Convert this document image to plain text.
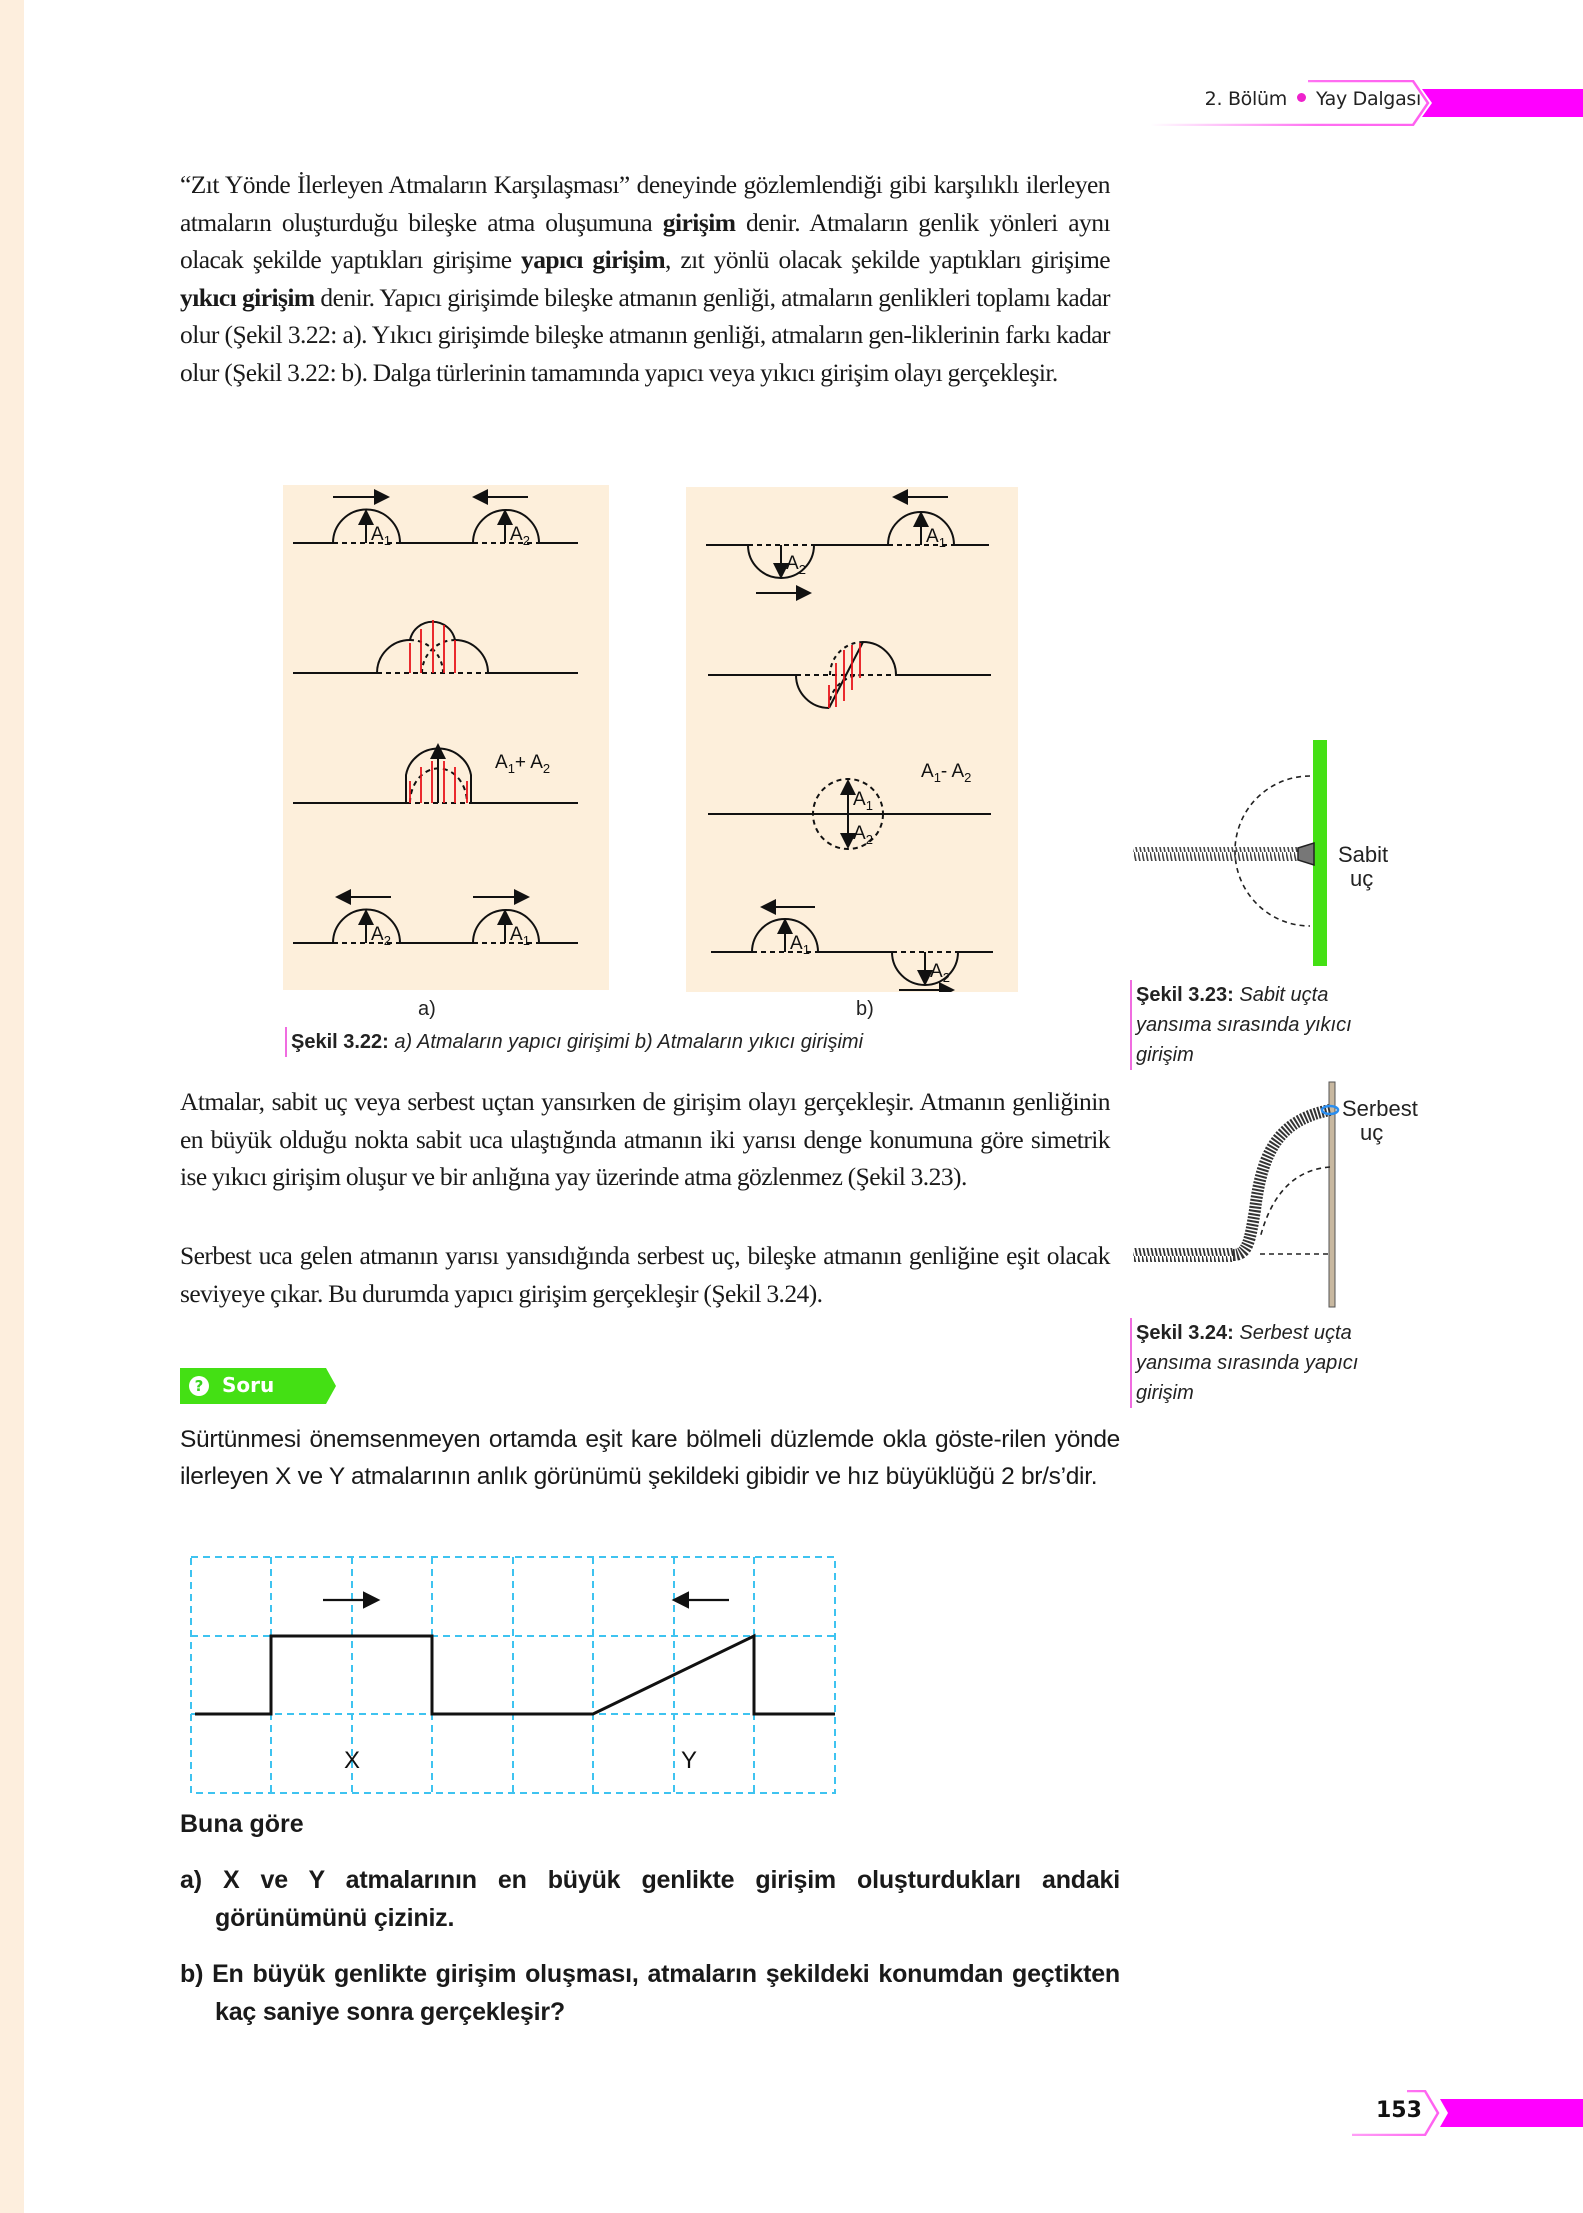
2. Bölüm Yay Dalgası
“Zıt Yönde İlerleyen Atmaların Karşılaşması” deneyinde gözlemlendiği gibi karşılıklı ilerleyen atmaların oluşturduğu bileşke atma oluşumuna girişim denir. Atmaların genlik yönleri aynı olacak şekilde yaptıkları girişime yapıcı girişim, zıt yönlü olacak şekilde yaptıkları girişime yıkıcı girişim denir. Yapıcı girişimde bileşke atmanın genliği, atmaların genlikleri toplamı kadar olur (Şekil 3.22: a). Yıkıcı girişimde bileşke atmanın genliği, atmaların gen-liklerinin farkı kadar olur (Şekil 3.22: b). Dalga türlerinin tamamında yapıcı veya yıkıcı girişim olayı gerçekleşir.
$A_1$	$A_2$
$A_2$	$A_1$
$A_1+ A_2$
a)
$A_2$
$A_1$
$A_1$
$A_2$
$A_1$
$A_2$
$A_1-$ $A_2$
b)
Şekil 3.22: a) Atmaların yapıcı girişimi b) Atmaların yıkıcı girişimi
Sabit
uç
Şekil 3.23: Sabit uçta
yansıma sırasında yıkıcı
girişim
Serbest
uç
Şekil 3.24: Serbest uçta
yansıma sırasında yapıcı
girişim
Atmalar, sabit uç veya serbest uçtan yansırken de girişim olayı gerçekleşir. Atmanın genliğinin en büyük olduğu nokta sabit uca ulaştığında atmanın iki yarısı denge konumuna göre simetrik ise yıkıcı girişim oluşur ve bir anlığına yay üzerinde atma gözlenmez (Şekil 3.23).
Serbest uca gelen atmanın yarısı yansıdığında serbest uç, bileşke atmanın genliğine eşit olacak seviyeye çıkar. Bu durumda yapıcı girişim gerçekleşir (Şekil 3.24).
? Soru
Sürtünmesi önemsenmeyen ortamda eşit kare bölmeli düzlemde okla göste-rilen yönde ilerleyen X ve Y atmalarının anlık görünümü şekildeki gibidir ve hız büyüklüğü 2 br/s’dir.
X	Y
Buna göre
a) X ve Y atmalarının en büyük genlikte girişim oluşturdukları andaki görünümünü çiziniz.
b) En büyük genlikte girişim oluşması, atmaların şekildeki konumdan geçtikten kaç saniye sonra gerçekleşir?
153
